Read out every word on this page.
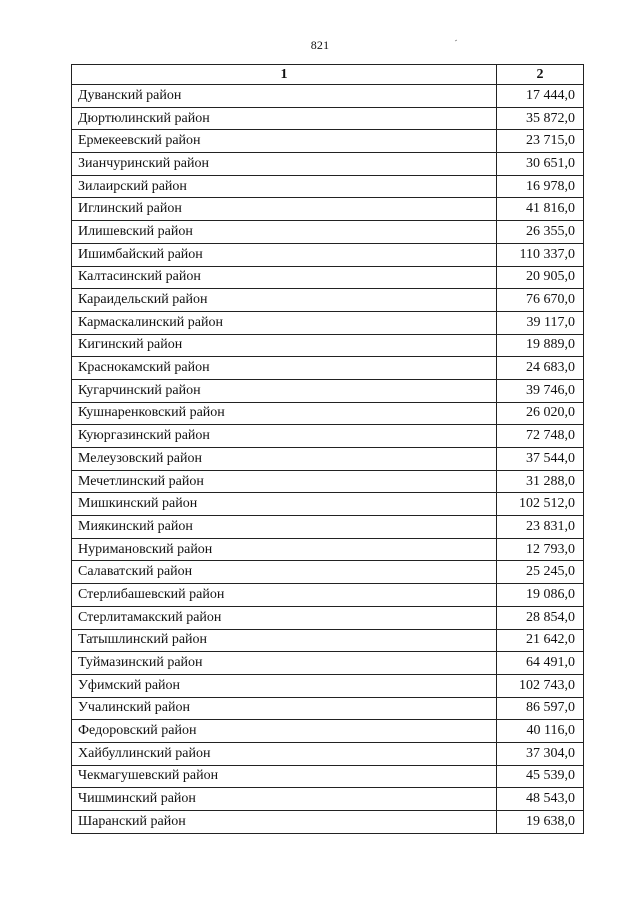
821
1	2
Дуванский район	17 444,0
Дюртюлинский район	35 872,0
Ермекеевский район	23 715,0
Зианчуринский район	30 651,0
Зилаирский район	16 978,0
Иглинский район	41 816,0
Илишевский район	26 355,0
Ишимбайский район	110 337,0
Калтасинский район	20 905,0
Караидельский район	76 670,0
Кармаскалинский район	39 117,0
Кигинский район	19 889,0
Краснокамский район	24 683,0
Кугарчинский район	39 746,0
Кушнаренковский район	26 020,0
Куюргазинский район	72 748,0
Мелеузовский район	37 544,0
Мечетлинский район	31 288,0
Мишкинский район	102 512,0
Миякинский район	23 831,0
Нуримановский район	12 793,0
Салаватский район	25 245,0
Стерлибашевский район	19 086,0
Стерлитамакский район	28 854,0
Татышлинский район	21 642,0
Туймазинский район	64 491,0
Уфимский район	102 743,0
Учалинский район	86 597,0
Федоровский район	40 116,0
Хайбуллинский район	37 304,0
Чекмагушевский район	45 539,0
Чишминский район	48 543,0
Шаранский район	19 638,0
